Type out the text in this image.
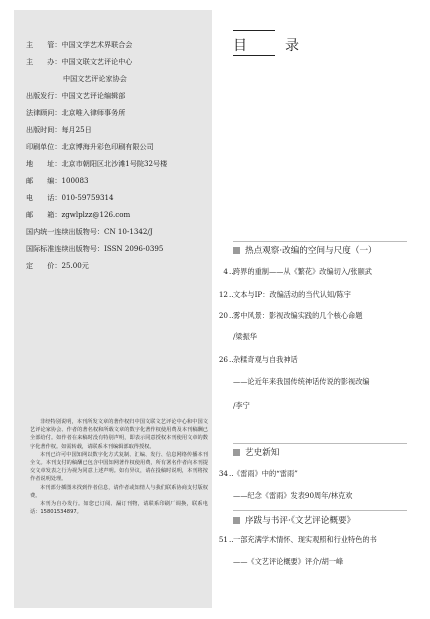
主　　管： 中国文学艺术界联合会
主　　办： 中国文联文艺评论中心
中国文艺评论家协会
出版发行： 中国文艺评论编辑部
法律顾问： 北京唯入律师事务所
出版时间： 每月25日
印刷单位： 北京博海升彩色印刷有限公司
地　　址： 北京市朝阳区北沙滩1号院32号楼
邮　　编： 100083
电　　话： 010-59759314
邮　　箱： zgwlplzz@126.com
国内统一连续出版物号： CN 10-1342/J
国际标准连续出版物号： ISSN 2096-0395
定　　价： 25.00元

非经特别说明，本刊所发文章的著作权归中国文联文艺评论中心和中国文艺评论家协会、作者的著名权和所载文章的数字化著作权使用费及本刊稿酬已全部给付。如作者在来稿时没有特别声明，即表示同意授权本刊使用文章的数字化著作权。如需转载，请联系本刊编辑部取得授权。

本刊已许可中国知网以数字化方式复制、汇编、发行、信息网络传播本刊全文。本刊支付的稿酬已包含中国知网著作权使用费，所有署名作者向本刊提交文章发表之行为视为同意上述声明。如有异议，请在投稿时说明，本刊将按作者说明处理。

本刊部分插图未找到作者信息，请作者或知情人与我们联系协商支付版权费。

本刊为自办发行。如您已订阅、漏订刊物，请联系印刷厂调换，联系电话：15801534897。

目　录
热点观察·改编的空间与尺度（一）
4 .. 跨界的重制——从《繁花》改编切入/张颐武
12 .. 文本与IP：改编活动的当代认知/陈宇
20 .. 雾中风景：影视改编实践的几个核心命题
/梁振华
26 .. 杂糅奇观与自我神话
——论近年来我国传统神话传说的影视改编
/李宁
艺史新知
34 .. 《雷雨》中的“雷雨”
——纪念《雷雨》发表90周年/林克欢
序跋与书评·《文艺评论概要》
51 .. 一部充满学术情怀、现实观照和行业特色的书
——《文艺评论概要》评介/胡一峰
